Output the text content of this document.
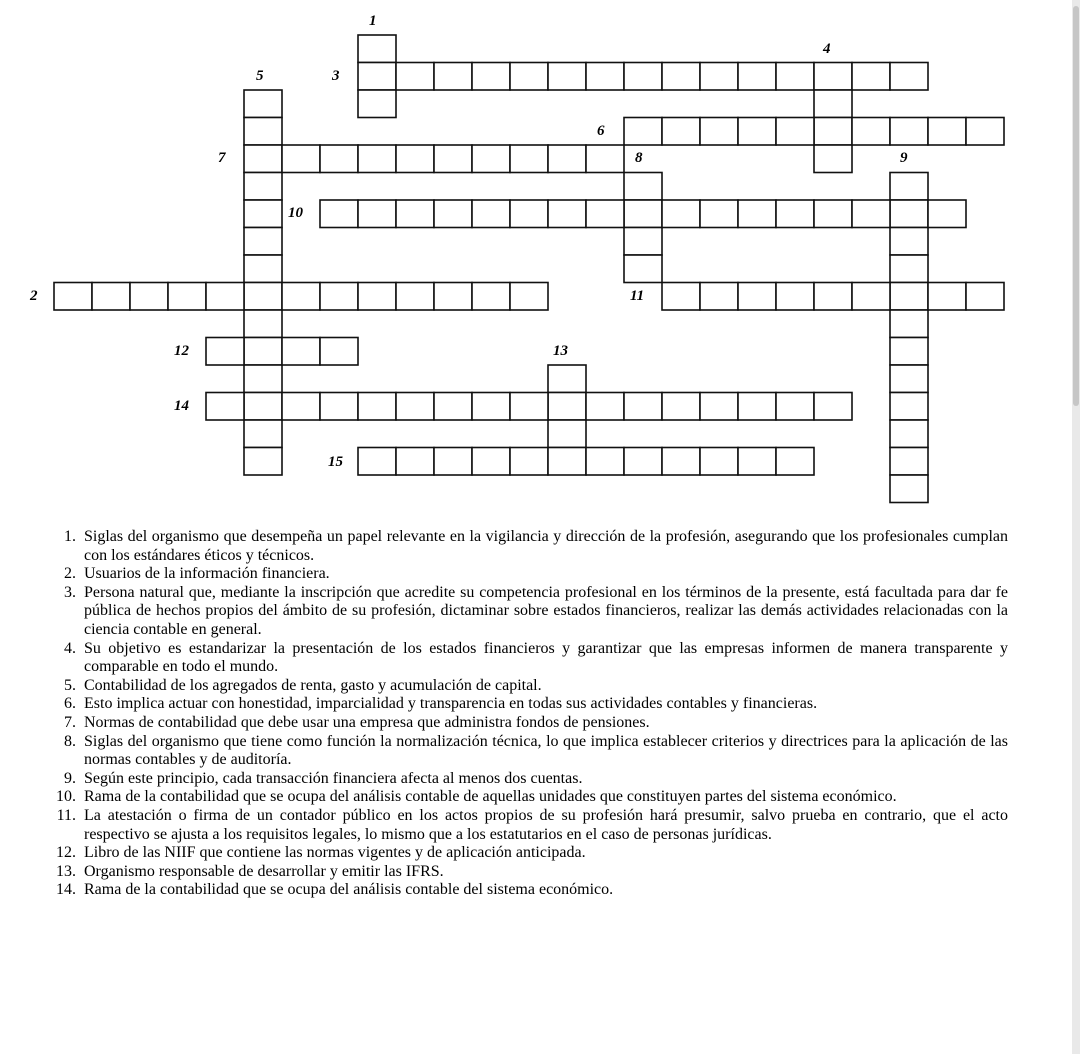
1
4
5	3
6
7	8	9
10
2	11
12	13
14
15
1. Siglas del organismo que desempeña un papel relevante en la vigilancia y dirección de la profesión, asegurando que los profesionales cumplan con los estándares éticos y técnicos.
2. Usuarios de la información financiera.
3. Persona natural que, mediante la inscripción que acredite su competencia profesional en los términos de la presente, está facultada para dar fe pública de hechos propios del ámbito de su profesión, dictaminar sobre estados financieros, realizar las demás actividades relacionadas con la ciencia contable en general.
4. Su objetivo es estandarizar la presentación de los estados financieros y garantizar que las empresas informen de manera transparente y comparable en todo el mundo.
5. Contabilidad de los agregados de renta, gasto y acumulación de capital.
6. Esto implica actuar con honestidad, imparcialidad y transparencia en todas sus actividades contables y financieras.
7. Normas de contabilidad que debe usar una empresa que administra fondos de pensiones.
8. Siglas del organismo que tiene como función la normalización técnica, lo que implica establecer criterios y directrices para la aplicación de las normas contables y de auditoría.
9. Según este principio, cada transacción financiera afecta al menos dos cuentas.
10. Rama de la contabilidad que se ocupa del análisis contable de aquellas unidades que constituyen partes del sistema económico.
11. La atestación o firma de un contador público en los actos propios de su profesión hará presumir, salvo prueba en contrario, que el acto respectivo se ajusta a los requisitos legales, lo mismo que a los estatutarios en el caso de personas jurídicas.
12. Libro de las NIIF que contiene las normas vigentes y de aplicación anticipada.
13. Organismo responsable de desarrollar y emitir las IFRS.
14. Rama de la contabilidad que se ocupa del análisis contable del sistema económico.
